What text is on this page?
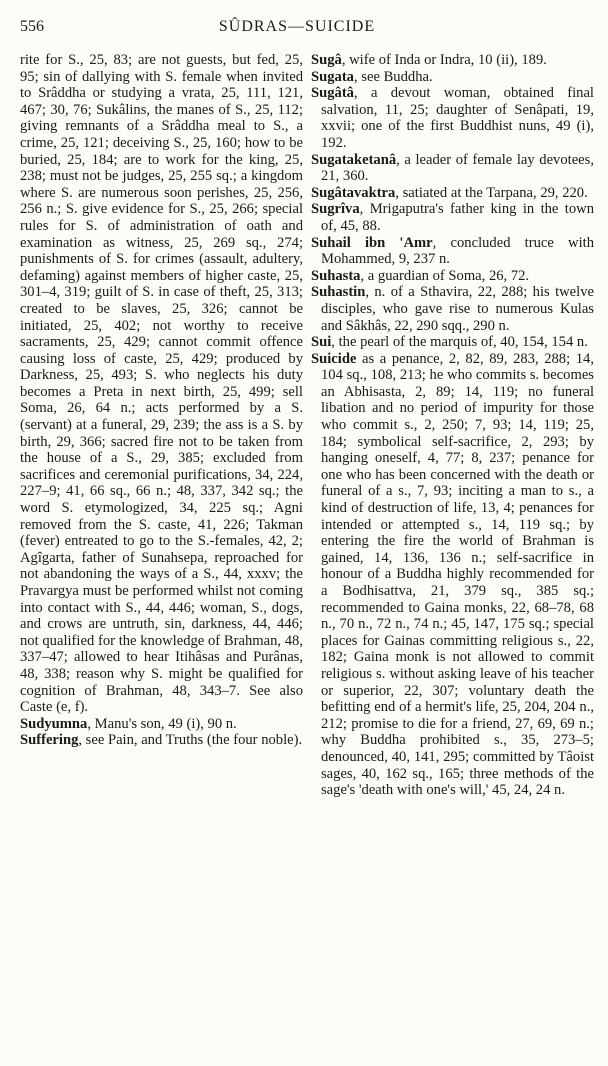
556	SÛDRAS—SUICIDE

rite for S., 25, 83; are not guests, but fed, 25, 95; sin of dallying with S. female when invited to Srâddha or studying a vrata, 25, 111, 121, 467; 30, 76; Sukâlins, the manes of S., 25, 112; giving remnants of a Srâddha meal to S., a crime, 25, 121; deceiving S., 25, 160; how to be buried, 25, 184; are to work for the king, 25, 238; must not be judges, 25, 255 sq.; a kingdom where S. are numerous soon perishes, 25, 256, 256 n.; S. give evidence for S., 25, 266; special rules for S. of administration of oath and examination as witness, 25, 269 sq., 274; punishments of S. for crimes (assault, adultery, defaming) against members of higher caste, 25, 301–4, 319; guilt of S. in case of theft, 25, 313; created to be slaves, 25, 326; cannot be initiated, 25, 402; not worthy to receive sacraments, 25, 429; cannot commit offence causing loss of caste, 25, 429; produced by Darkness, 25, 493; S. who neglects his duty becomes a Preta in next birth, 25, 499; sell Soma, 26, 64 n.; acts performed by a S. (servant) at a funeral, 29, 239; the ass is a S. by birth, 29, 366; sacred fire not to be taken from the house of a S., 29, 385; excluded from sacrifices and ceremonial purifications, 34, 224, 227–9; 41, 66 sq., 66 n.; 48, 337, 342 sq.; the word S. etymologized, 34, 225 sq.; Agni removed from the S. caste, 41, 226; Takman (fever) entreated to go to the S.-females, 42, 2; Agîgarta, father of Sunahsepa, reproached for not abandoning the ways of a S., 44, xxxv; the Pravargya must be performed whilst not coming into contact with S., 44, 446; woman, S., dogs, and crows are untruth, sin, darkness, 44, 446; not qualified for the knowledge of Brahman, 48, 337–47; allowed to hear Itihâsas and Purânas, 48, 338; reason why S. might be qualified for cognition of Brahman, 48, 343–7. See also Caste (e, f).

Sudyumna, Manu's son, 49 (i), 90 n.

Suffering, see Pain, and Truths (the four noble).

Sugâ, wife of Inda or Indra, 10 (ii), 189.

Sugata, see Buddha.

Sugâtâ, a devout woman, obtained final salvation, 11, 25; daughter of Senâpati, 19, xxvii; one of the first Buddhist nuns, 49 (i), 192.

Sugataketanâ, a leader of female lay devotees, 21, 360.

Sugâtavaktra, satiated at the Tarpana, 29, 220.

Sugrîva, Mrigaputra's father king in the town of, 45, 88.

Suhail ibn 'Amr, concluded truce with Mohammed, 9, 237 n.

Suhasta, a guardian of Soma, 26, 72.

Suhastin, n. of a Sthavira, 22, 288; his twelve disciples, who gave rise to numerous Kulas and Sâkhâs, 22, 290 sqq., 290 n.

Sui, the pearl of the marquis of, 40, 154, 154 n.

Suicide as a penance, 2, 82, 89, 283, 288; 14, 104 sq., 108, 213; he who commits s. becomes an Abhisasta, 2, 89; 14, 119; no funeral libation and no period of impurity for those who commit s., 2, 250; 7, 93; 14, 119; 25, 184; symbolical self-sacrifice, 2, 293; by hanging oneself, 4, 77; 8, 237; penance for one who has been concerned with the death or funeral of a s., 7, 93; inciting a man to s., a kind of destruction of life, 13, 4; penances for intended or attempted s., 14, 119 sq.; by entering the fire the world of Brahman is gained, 14, 136, 136 n.; self-sacrifice in honour of a Buddha highly recommended for a Bodhisattva, 21, 379 sq., 385 sq.; recommended to Gaina monks, 22, 68–78, 68 n., 70 n., 72 n., 74 n.; 45, 147, 175 sq.; special places for Gainas committing religious s., 22, 182; Gaina monk is not allowed to commit religious s. without asking leave of his teacher or superior, 22, 307; voluntary death the befitting end of a hermit's life, 25, 204, 204 n., 212; promise to die for a friend, 27, 69, 69 n.; why Buddha prohibited s., 35, 273–5; denounced, 40, 141, 295; committed by Tâoist sages, 40, 162 sq., 165; three methods of the sage's 'death with one's will,' 45, 24, 24 n.
